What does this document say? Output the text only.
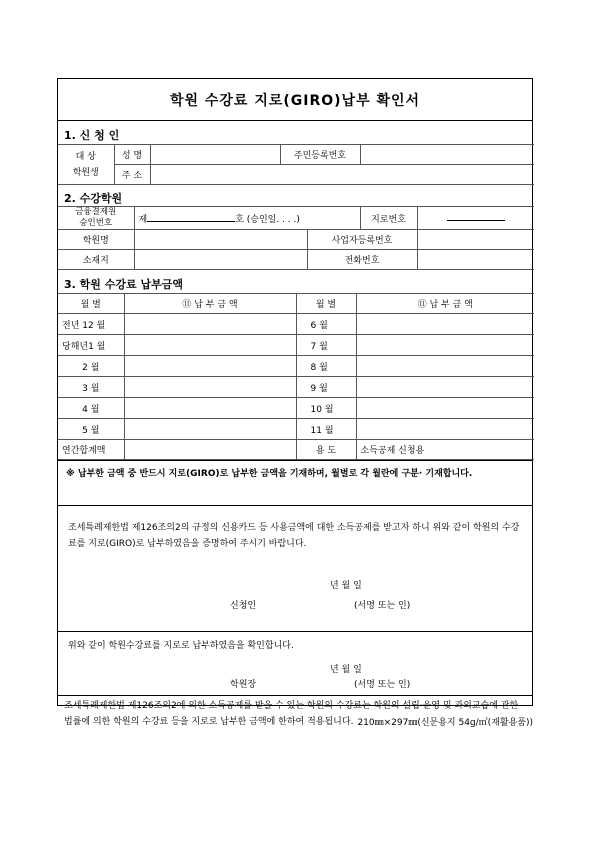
학원 수강료 지로(GIRO)납부 확인서
1. 신 청 인
대 상
학원생	성 명		주민등록번호	
	주 소			
2. 수강학원
금융결제원
승인번호	제 호 (승인일. . . .)		지로번호	
학원명		사업자등록번호		
소재지		전화번호		
3. 학원 수강료 납부금액
월 별	⑪ 납 부 금 액	월 별	⑪ 납 부 금 액
전년 12 월		6 월	
당해년1 월		7 월	
2 월		8 월	
3 월		9 월	
4 월		10 월	
5 월		11 월	
연간합계액		용 도	소득공제 신청용
※ 납부한 금액 중 반드시 지로(GIRO)로 납부한 금액을 기재하며, 월별로 각 월란에 구분· 기재합니다.
조세특례제한법 제126조의2의 규정의 신용카드 등 사용금액에 대한 소득공제를 받고자 하니 위와 같이 학원의 수강료를 지로(GIRO)로 납부하였음을 증명하여 주시기 바랍니다.
년 월 일
신청인	(서명 또는 인)
위와 같이 학원수강료를 지로로 납부하였음을 확인합니다.
년 월 일
학원장	(서명 또는 인)
조세특례제한법 제126조의2에 의한 소득공제를 받을 수 있는 학원의 수강료는 학원의 설립·운영 및 과외교습에 관한 법률에 의한 학원의 수강료 등을 지로로 납부한 금액에 한하여 적용됩니다. 210㎜×297㎜(신문용지 54g/㎡(재활용품))
